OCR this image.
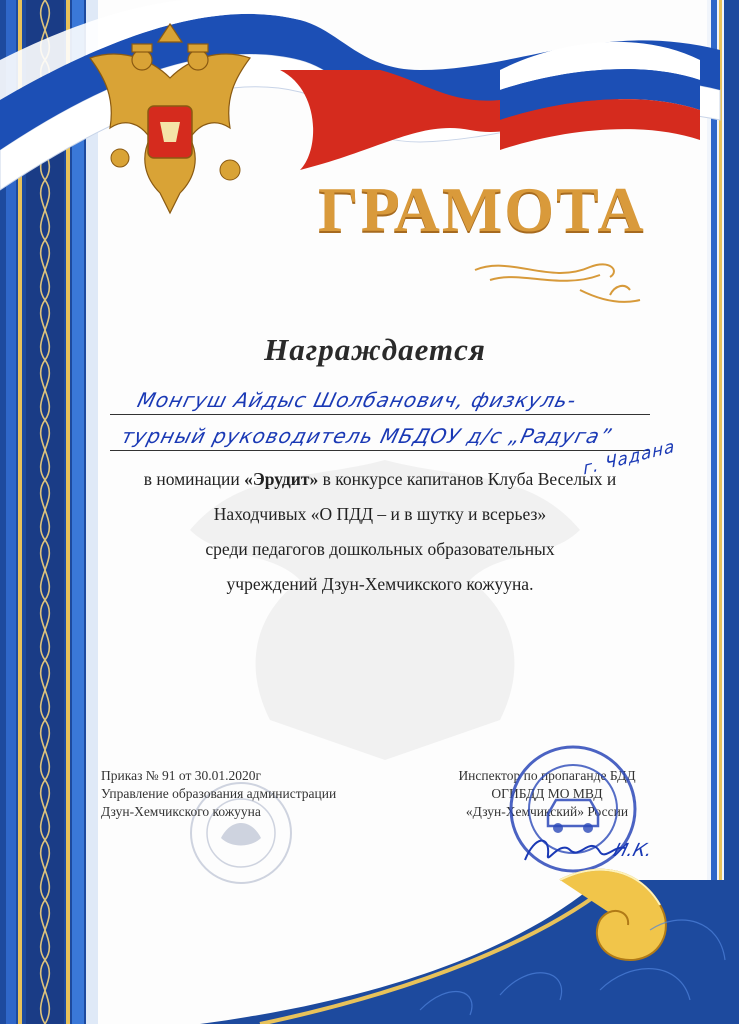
ГРАМОТА
Награждается
Монгуш Айдыс Шолбанович, физкуль-
турный руководитель МБДОУ д/с „Радуга”
г. Чадана
в номинации «Эрудит» в конкурсе капитанов Клуба Веселых и
Находчивых «О ПДД – и в шутку и всерьез»
среди педагогов дошкольных образовательных
учреждений Дзун-Хемчикского кожууна.
Приказ № 91 от 30.01.2020г
Управление образования администрации
Дзун-Хемчикского кожууна
Инспектор по пропаганде БДД
ОГИБДД МО МВД
«Дзун-Хемчикский» России
И.К.
